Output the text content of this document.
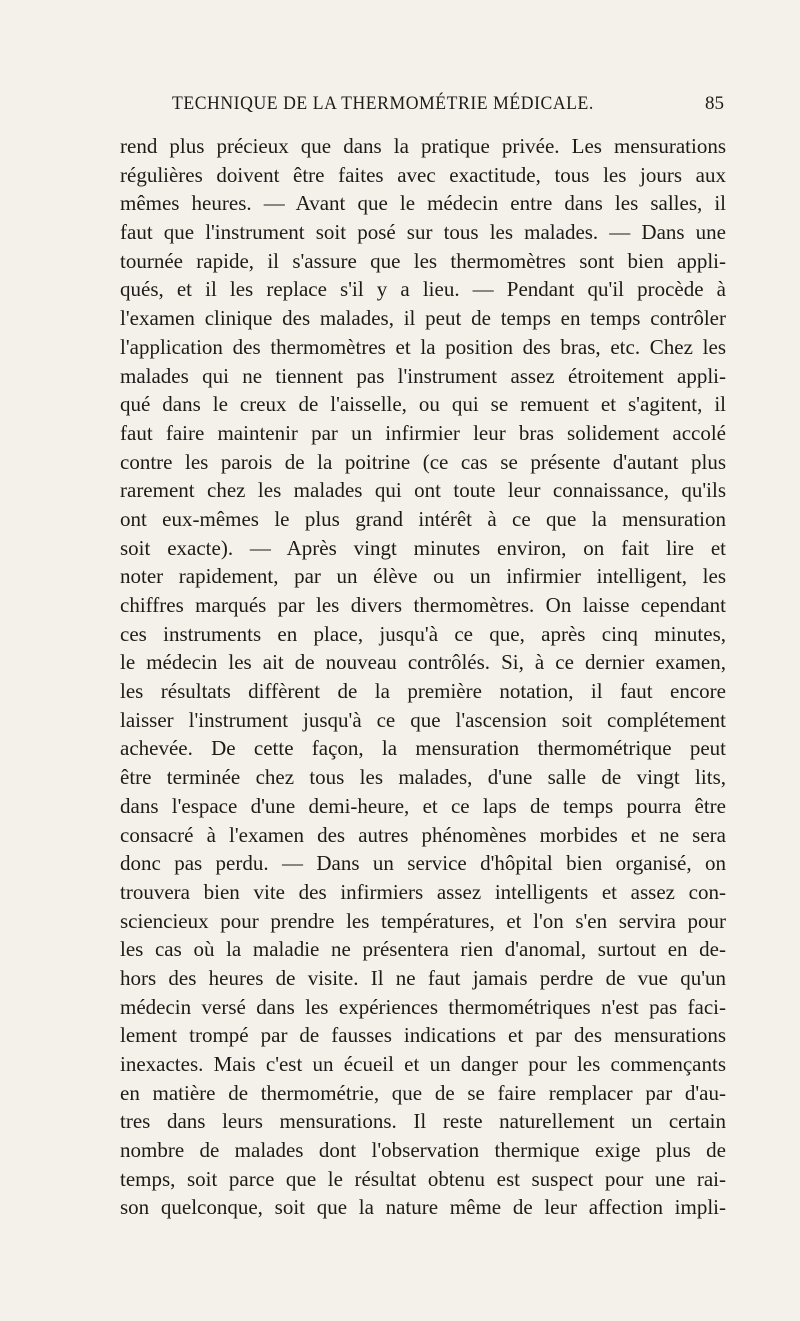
TECHNIQUE DE LA THERMOMÉTRIE MÉDICALE.	85
rend plus précieux que dans la pratique privée. Les mensurations
régulières doivent être faites avec exactitude, tous les jours aux
mêmes heures. — Avant que le médecin entre dans les salles, il
faut que l'instrument soit posé sur tous les malades. — Dans une
tournée rapide, il s'assure que les thermomètres sont bien appli-
qués, et il les replace s'il y a lieu. — Pendant qu'il procède à
l'examen clinique des malades, il peut de temps en temps contrôler
l'application des thermomètres et la position des bras, etc. Chez les
malades qui ne tiennent pas l'instrument assez étroitement appli-
qué dans le creux de l'aisselle, ou qui se remuent et s'agitent, il
faut faire maintenir par un infirmier leur bras solidement accolé
contre les parois de la poitrine (ce cas se présente d'autant plus
rarement chez les malades qui ont toute leur connaissance, qu'ils
ont eux-mêmes le plus grand intérêt à ce que la mensuration
soit exacte). — Après vingt minutes environ, on fait lire et
noter rapidement, par un élève ou un infirmier intelligent, les
chiffres marqués par les divers thermomètres. On laisse cependant
ces instruments en place, jusqu'à ce que, après cinq minutes,
le médecin les ait de nouveau contrôlés. Si, à ce dernier examen,
les résultats diffèrent de la première notation, il faut encore
laisser l'instrument jusqu'à ce que l'ascension soit complétement
achevée. De cette façon, la mensuration thermométrique peut
être terminée chez tous les malades, d'une salle de vingt lits,
dans l'espace d'une demi-heure, et ce laps de temps pourra être
consacré à l'examen des autres phénomènes morbides et ne sera
donc pas perdu. — Dans un service d'hôpital bien organisé, on
trouvera bien vite des infirmiers assez intelligents et assez con-
sciencieux pour prendre les températures, et l'on s'en servira pour
les cas où la maladie ne présentera rien d'anomal, surtout en de-
hors des heures de visite. Il ne faut jamais perdre de vue qu'un
médecin versé dans les expériences thermométriques n'est pas faci-
lement trompé par de fausses indications et par des mensurations
inexactes. Mais c'est un écueil et un danger pour les commençants
en matière de thermométrie, que de se faire remplacer par d'au-
tres dans leurs mensurations. Il reste naturellement un certain
nombre de malades dont l'observation thermique exige plus de
temps, soit parce que le résultat obtenu est suspect pour une rai-
son quelconque, soit que la nature même de leur affection impli-
